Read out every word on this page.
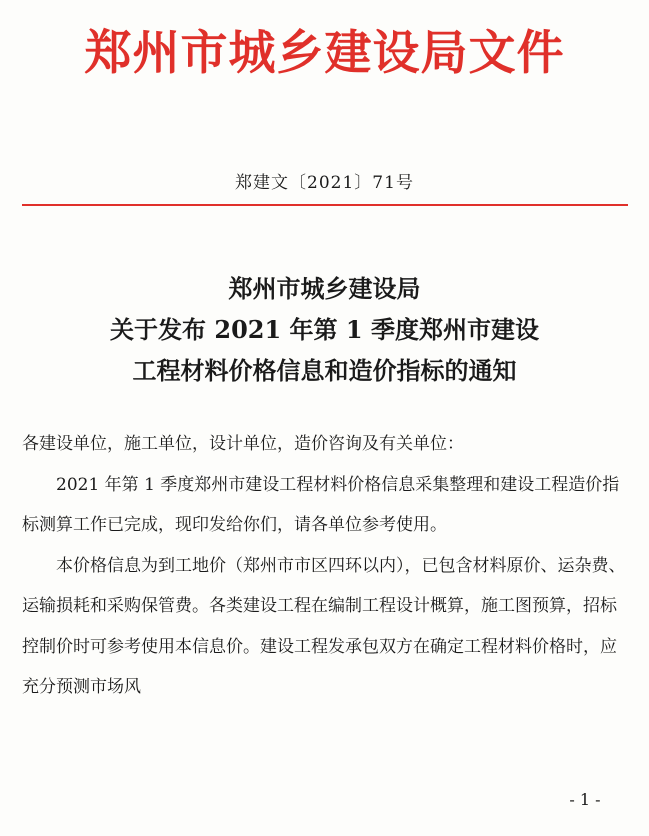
郑州市城乡建设局文件
郑建文〔2021〕71号
郑州市城乡建设局
关于发布 2021 年第 1 季度郑州市建设
工程材料价格信息和造价指标的通知

各建设单位，施工单位，设计单位，造价咨询及有关单位：

2021 年第 1 季度郑州市建设工程材料价格信息采集整理和建设工程造价指标测算工作已完成，现印发给你们，请各单位参考使用。

本价格信息为到工地价（郑州市市区四环以内），已包含材料原价、运杂费、运输损耗和采购保管费。各类建设工程在编制工程设计概算，施工图预算，招标控制价时可参考使用本信息价。建设工程发承包双方在确定工程材料价格时，应充分预测市场风

- 1 -
